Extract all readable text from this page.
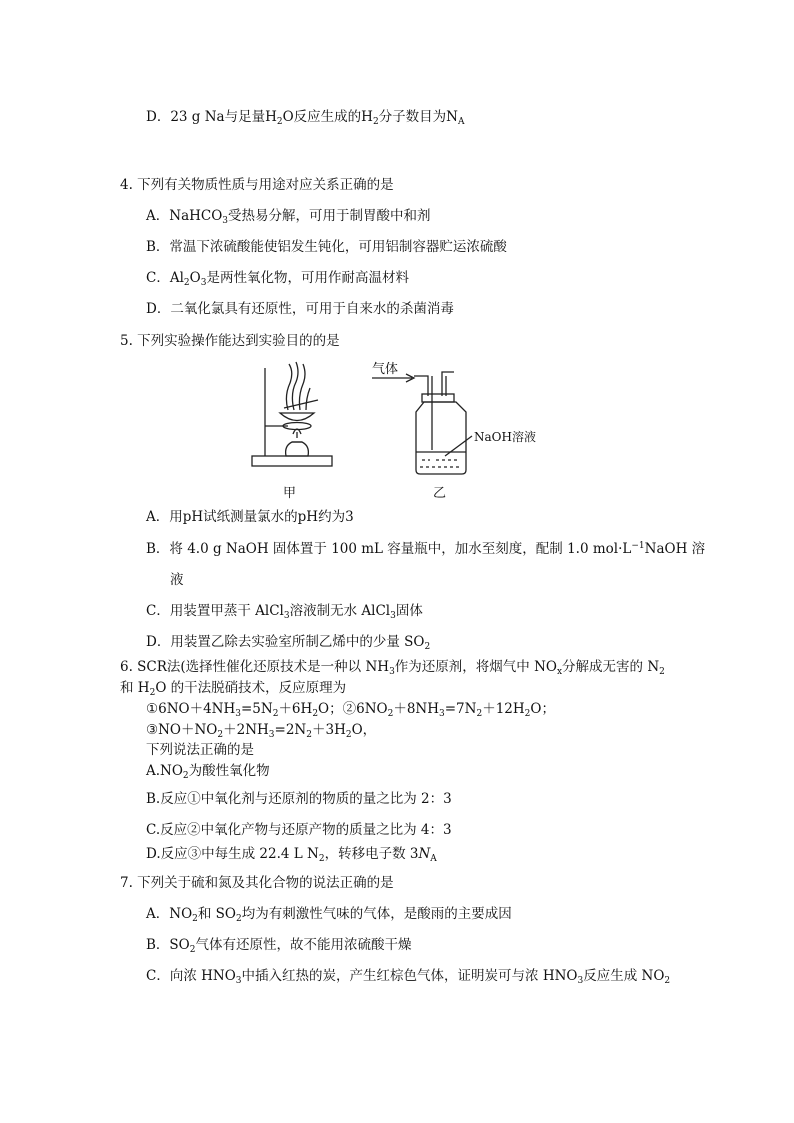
D．23 g Na与足量$H_2O$反应生成的$H_2$分子数目为$N_A$
4. 下列有关物质性质与用途对应关系正确的是
A．NaHCO$_3$受热易分解，可用于制胃酸中和剂
B．常温下浓硫酸能使铝发生钝化，可用铝制容器贮运浓硫酸
C．$Al_2O_3$是两性氧化物，可用作耐高温材料
D．二氧化氯具有还原性，可用于自来水的杀菌消毒
5. 下列实验操作能达到实验目的的是
气体
NaOH溶液
甲	乙
A．用pH试纸测量氯水的pH约为3
B．将 4.0 g NaOH 固体置于 100 mL 容量瓶中，加水至刻度，配制 1.0 $mol\cdot L^{-1}NaOH$ 溶
液
C．用装置甲蒸干 AlCl$_3$溶液制无水 AlCl$_3$固体
D．用装置乙除去实验室所制乙烯中的少量 $SO_2$
6. SCR法(选择性催化还原技术是一种以 $NH_3$作为还原剂，将烟气中 $NO_x$分解成无害的 $N_2$
和 $H_2O$ 的干法脱硝技术，反应原理为
$①6NO+4NH_3=5N_2+6H_2O$；$②6NO_2+8NH_3=7N_2+12H_2O$；
$③NO+NO_2+2NH_3=2N_2+3H_2O$，
下列说法正确的是
$A.NO_2$为酸性氧化物
B.反应①中氧化剂与还原剂的物质的量之比为 2：3
C.反应②中氧化产物与还原产物的质量之比为 4：3
D.反应③中每生成 22.4 L $N_2$，转移电子数 $3N_A$
7. 下列关于硫和氮及其化合物的说法正确的是
A．$NO_2$和 $SO_2$均为有刺激性气味的气体，是酸雨的主要成因
B．$SO_2$气体有还原性，故不能用浓硫酸干燥
C．向浓 $HNO_3$中插入红热的炭，产生红棕色气体，证明炭可与浓 $HNO_3$反应生成 $NO_2$
